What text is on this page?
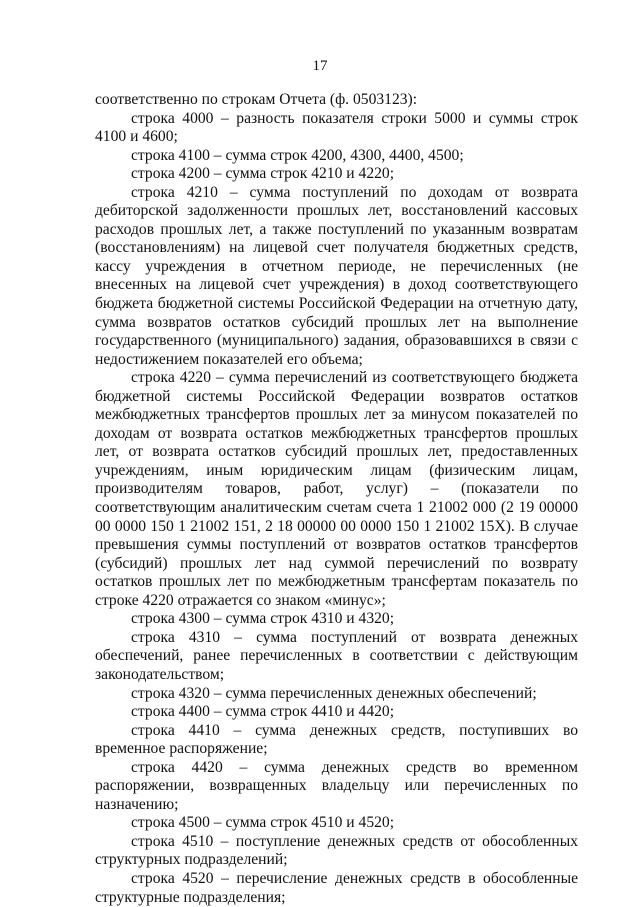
17

соответственно по строкам Отчета (ф. 0503123):

строка 4000 – разность показателя строки 5000 и суммы строк 4100 и 4600;

строка 4100 – сумма строк 4200, 4300, 4400, 4500;

строка 4200 – сумма строк 4210 и 4220;

строка 4210 – сумма поступлений по доходам от возврата дебиторской задолженности прошлых лет, восстановлений кассовых расходов прошлых лет, а также поступлений по указанным возвратам (восстановлениям) на лицевой счет получателя бюджетных средств, кассу учреждения в отчетном периоде, не перечисленных (не внесенных на лицевой счет учреждения) в доход соответствующего бюджета бюджетной системы Российской Федерации на отчетную дату, сумма возвратов остатков субсидий прошлых лет на выполнение государственного (муниципального) задания, образовавшихся в связи с недостижением показателей его объема;

строка 4220 – сумма перечислений из соответствующего бюджета бюджетной системы Российской Федерации возвратов остатков межбюджетных трансфертов прошлых лет за минусом показателей по доходам от возврата остатков межбюджетных трансфертов прошлых лет, от возврата остатков субсидий прошлых лет, предоставленных учреждениям, иным юридическим лицам (физическим лицам, производителям товаров, работ, услуг) – (показатели по соответствующим аналитическим счетам счета 1 21002 000 (2 19 00000 00 0000 150 1 21002 151, 2 18 00000 00 0000 150 1 21002 15Х). В случае превышения суммы поступлений от возвратов остатков трансфертов (субсидий) прошлых лет над суммой перечислений по возврату остатков прошлых лет по межбюджетным трансфертам показатель по строке 4220 отражается со знаком «минус»;

строка 4300 – сумма строк 4310 и 4320;

строка 4310 – сумма поступлений от возврата денежных обеспечений, ранее перечисленных в соответствии с действующим законодательством;

строка 4320 – сумма перечисленных денежных обеспечений;

строка 4400 – сумма строк 4410 и 4420;

строка 4410 – сумма денежных средств, поступивших во временное распоряжение;

строка 4420 – сумма денежных средств во временном распоряжении, возвращенных владельцу или перечисленных по назначению;

строка 4500 – сумма строк 4510 и 4520;

строка 4510 – поступление денежных средств от обособленных структурных подразделений;

строка 4520 – перечисление денежных средств в обособленные структурные подразделения;
